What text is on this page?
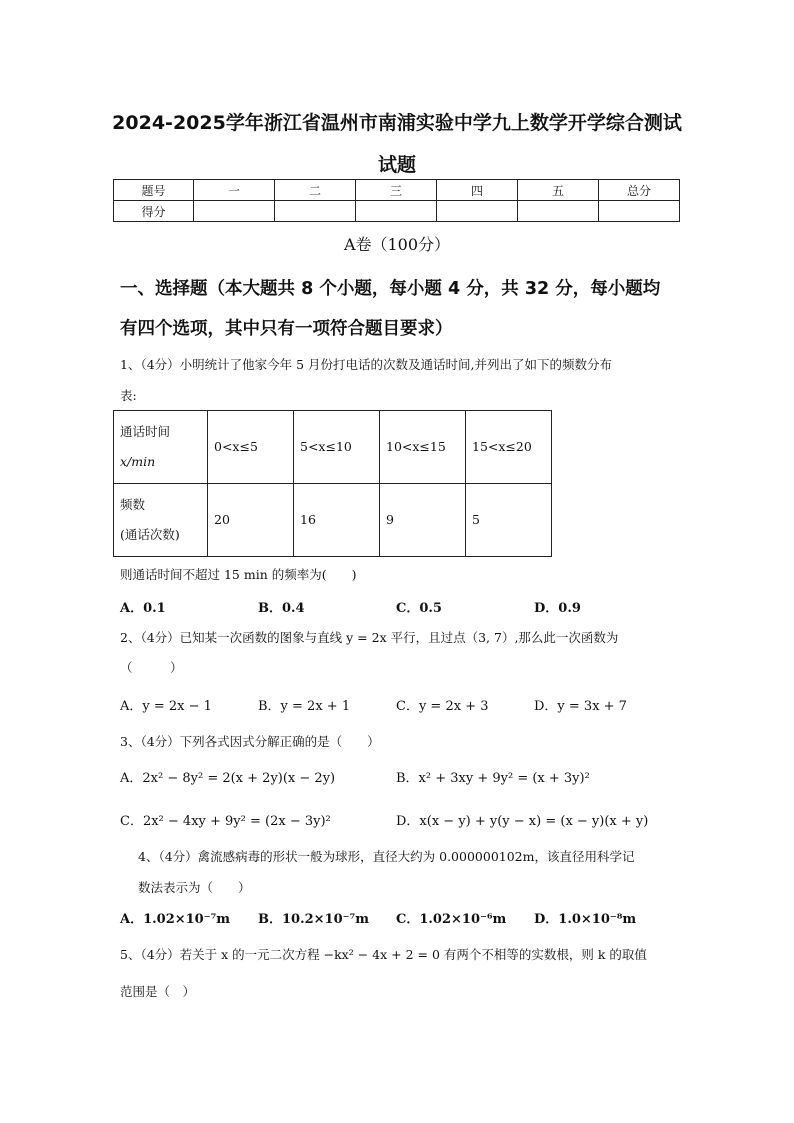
2024-2025学年浙江省温州市南浦实验中学九上数学开学综合测试
试题
题号	一	二	三	四	五	总分
得分						
A卷（100分）
一、选择题（本大题共 8 个小题，每小题 4 分，共 32 分，每小题均
有四个选项，其中只有一项符合题目要求）
1、（4分）小明统计了他家今年 5 月份打电话的次数及通话时间,并列出了如下的频数分布
表:
通话时间
x/min	0<x≤5	5<x≤10	10<x≤15	15<x≤20
频数
(通话次数)	20	16	9	5
则通话时间不超过 15 min 的频率为(　　)
A．0.1	B．0.4	C．0.5	D．0.9
2、（4分）已知某一次函数的图象与直线 y = 2x 平行，且过点（3, 7）,那么此一次函数为
（　　　）
A．y = 2x − 1	B．y = 2x + 1	C．y = 2x + 3	D．y = 3x + 7
3、（4分）下列各式因式分解正确的是（　　）
A．2x² − 8y² = 2(x + 2y)(x − 2y)	B．x² + 3xy + 9y² = (x + 3y)²
C．2x² − 4xy + 9y² = (2x − 3y)²	D．x(x − y) + y(y − x) = (x − y)(x + y)
4、（4分）禽流感病毒的形状一般为球形，直径大约为 0.000000102m，该直径用科学记
数法表示为（　　）
A．1.02×10⁻⁷m B．10.2×10⁻⁷m C．1.02×10⁻⁶m D．1.0×10⁻⁸m
5、（4分）若关于 x 的一元二次方程 −kx² − 4x + 2 = 0 有两个不相等的实数根，则 k 的取值
范围是（　）
